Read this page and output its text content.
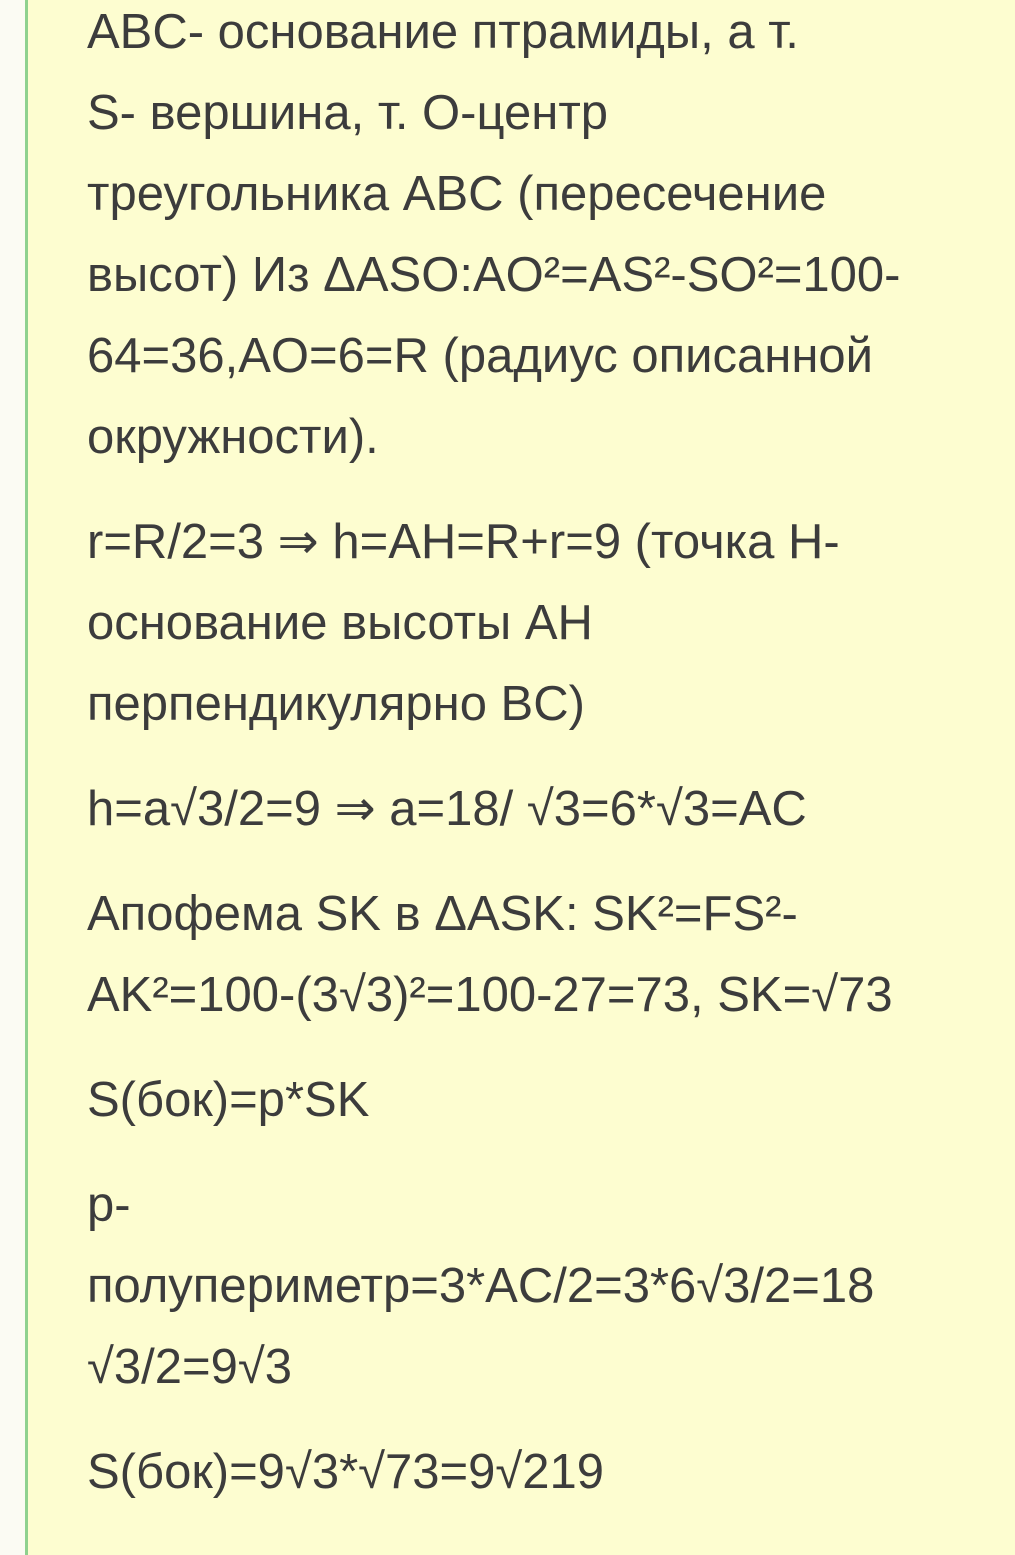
ABC- основание птрамиды, а т.
S- вершина, т. O-центр
треугольника ABC (пересечение
высот) Из ΔASO:AO²=AS²-SO²=100-
64=36,AO=6=R (радиус описанной
окружности).

r=R/2=3 ⇒ h=AH=R+r=9 (точка H-
основание высоты AH
перпендикулярно BC)

h=a√3/2=9 ⇒ a=18/ √3=6*√3=AC

Апофема SK в ΔASK: SK²=FS²-
AK²=100-(3√3)²=100-27=73, SK=√73

S(бок)=p*SK

p-
полупериметр=3*AC/2=3*6√3/2=18
√3/2=9√3

S(бок)=9√3*√73=9√219
